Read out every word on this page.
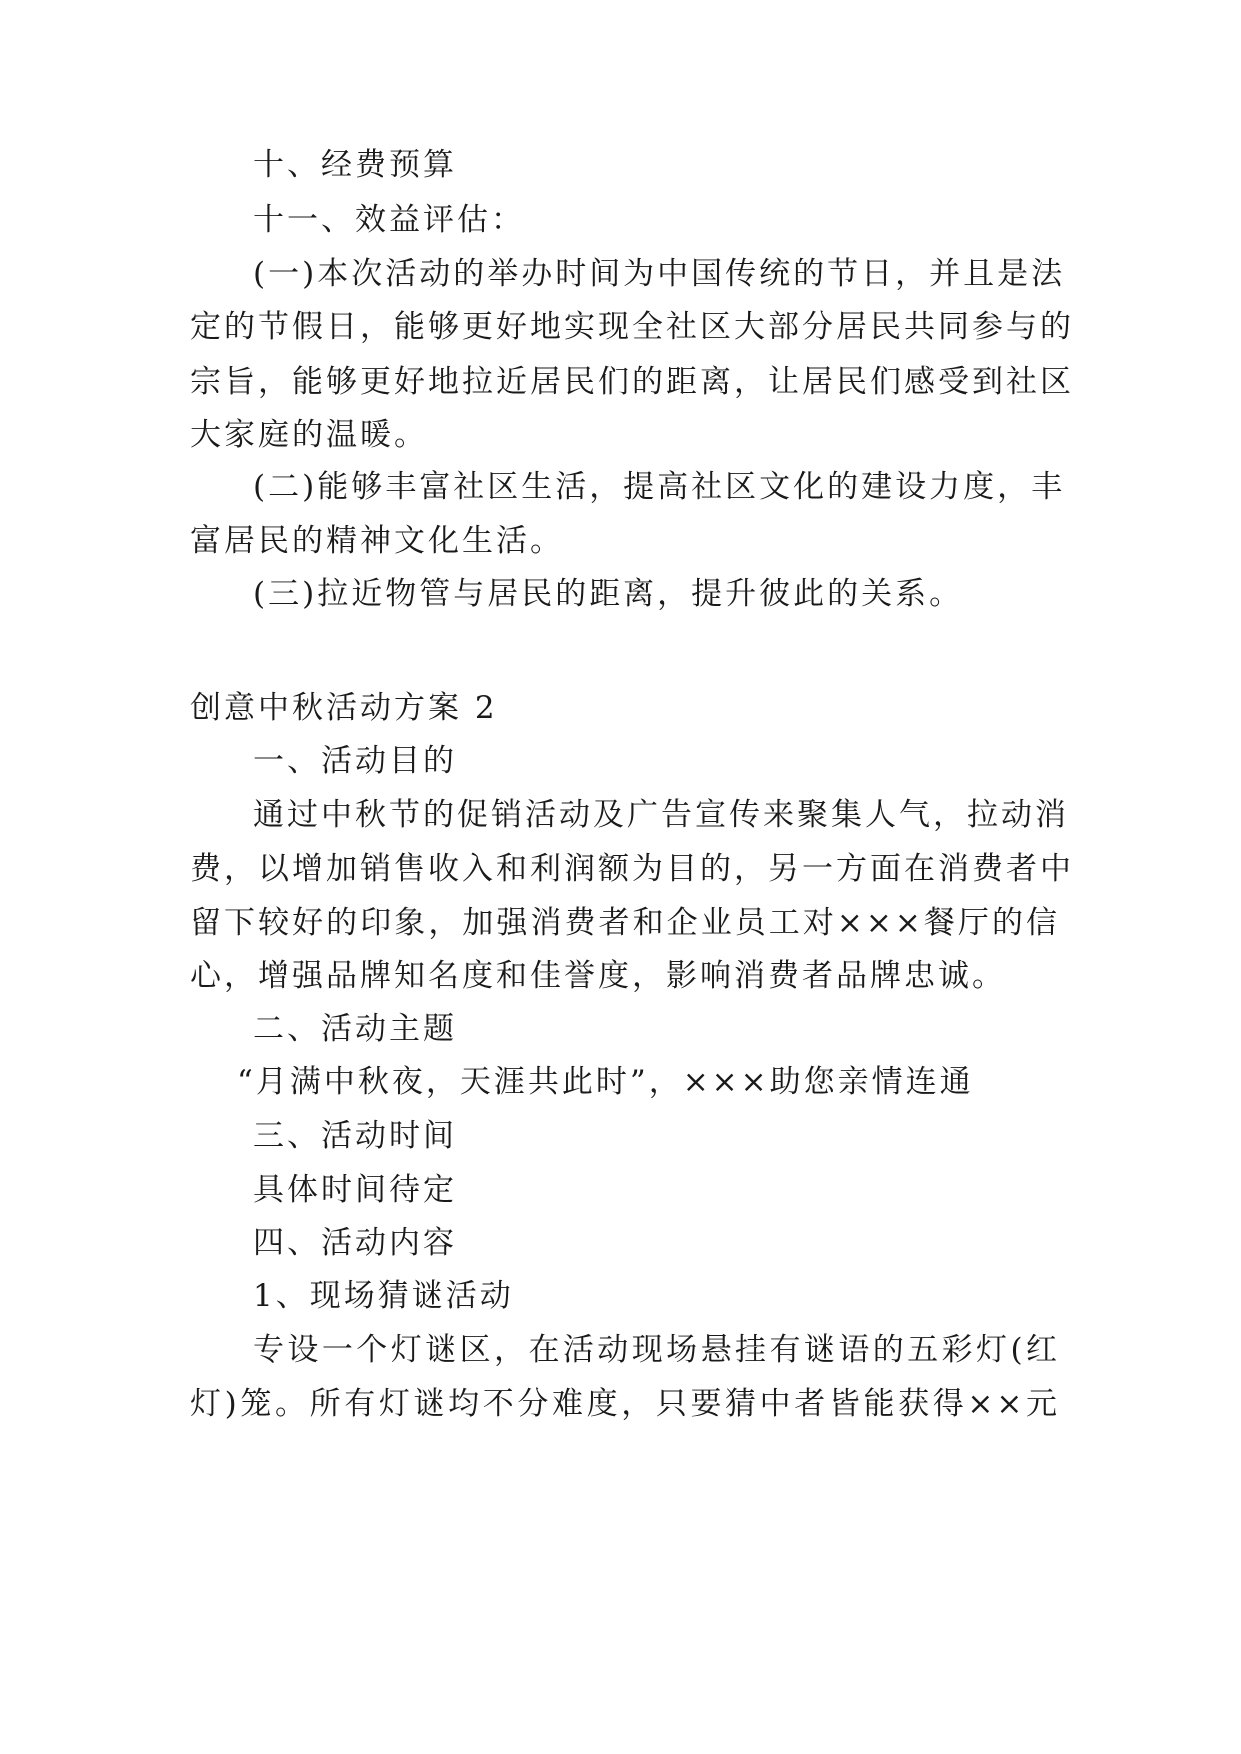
十、经费预算
十一、效益评估：
(一)本次活动的举办时间为中国传统的节日，并且是法
定的节假日，能够更好地实现全社区大部分居民共同参与的
宗旨，能够更好地拉近居民们的距离，让居民们感受到社区
大家庭的温暖。
(二)能够丰富社区生活，提高社区文化的建设力度，丰
富居民的精神文化生活。
(三)拉近物管与居民的距离，提升彼此的关系。
创意中秋活动方案 2
一、活动目的
通过中秋节的促销活动及广告宣传来聚集人气，拉动消
费，以增加销售收入和利润额为目的，另一方面在消费者中
留下较好的印象，加强消费者和企业员工对×××餐厅的信
心，增强品牌知名度和佳誉度，影响消费者品牌忠诚。
二、活动主题
“月满中秋夜，天涯共此时”，×××助您亲情连通
三、活动时间
具体时间待定
四、活动内容
1、现场猜谜活动
专设一个灯谜区，在活动现场悬挂有谜语的五彩灯(红
灯)笼。所有灯谜均不分难度，只要猜中者皆能获得××元
